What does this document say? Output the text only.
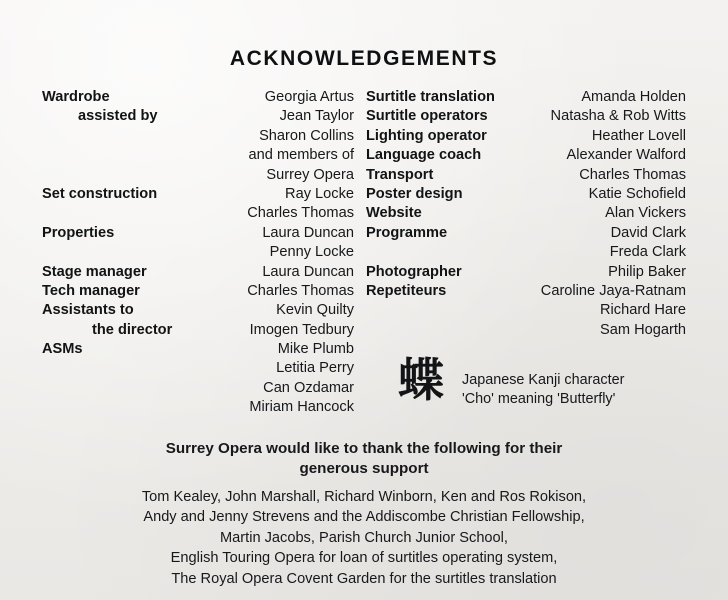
ACKNOWLEDGEMENTS
Wardrobe	Georgia Artus
assisted by	Jean Taylor
Sharon Collins
and members of
Surrey Opera
Set construction	Ray Locke
Charles Thomas
Properties	Laura Duncan
Penny Locke
Stage manager	Laura Duncan
Tech manager	Charles Thomas
Assistants to	Kevin Quilty
the director	Imogen Tedbury
ASMs	Mike Plumb
Letitia Perry
Can Ozdamar
Miriam Hancock
Surtitle translation	Amanda Holden
Surtitle operators	Natasha & Rob Witts
Lighting operator	Heather Lovell
Language coach	Alexander Walford
Transport	Charles Thomas
Poster design	Katie Schofield
Website	Alan Vickers
Programme	David Clark
Freda Clark
Photographer	Philip Baker
Repetiteurs	Caroline Jaya-Ratnam
Richard Hare
Sam Hogarth
蝶 Japanese Kanji character
'Cho' meaning 'Butterfly'
Surrey Opera would like to thank the following for their
generous support
Tom Kealey, John Marshall, Richard Winborn, Ken and Ros Rokison,
Andy and Jenny Strevens and the Addiscombe Christian Fellowship,
Martin Jacobs, Parish Church Junior School,
English Touring Opera for loan of surtitles operating system,
The Royal Opera Covent Garden for the surtitles translation
